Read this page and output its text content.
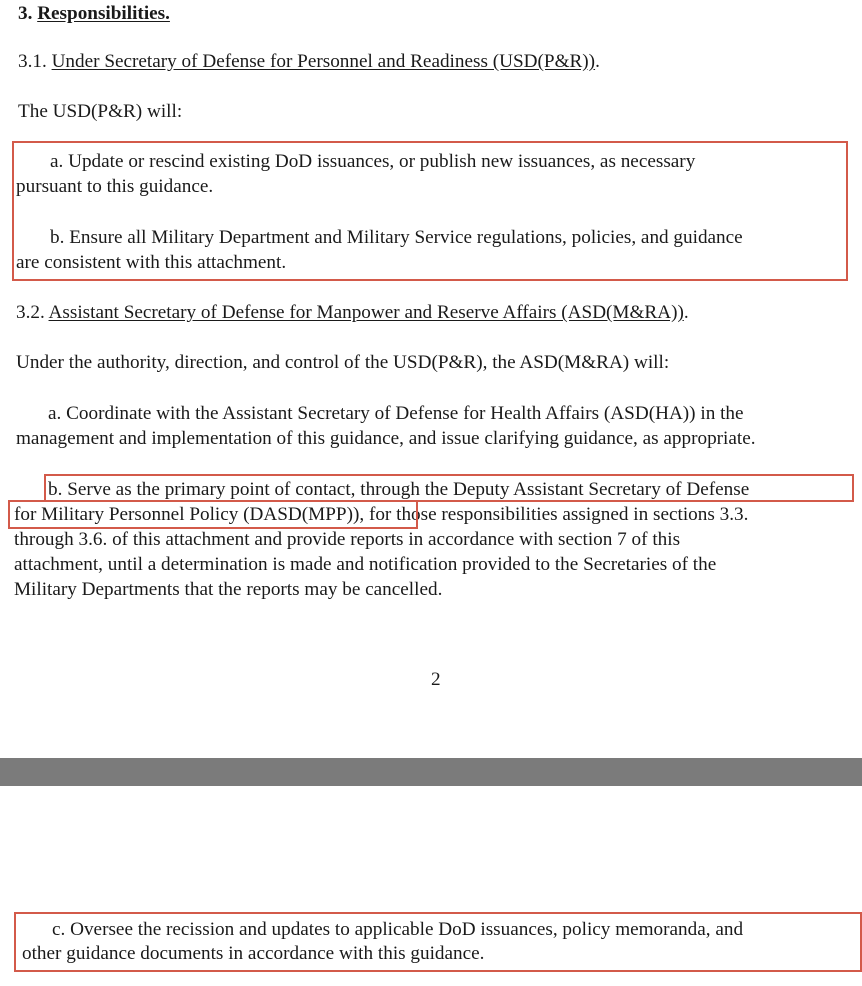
3. Responsibilities.
3.1. Under Secretary of Defense for Personnel and Readiness (USD(P&R)).
The USD(P&R) will:
a. Update or rescind existing DoD issuances, or publish new issuances, as necessary
pursuant to this guidance.
b. Ensure all Military Department and Military Service regulations, policies, and guidance
are consistent with this attachment.
3.2. Assistant Secretary of Defense for Manpower and Reserve Affairs (ASD(M&RA)).
Under the authority, direction, and control of the USD(P&R), the ASD(M&RA) will:
a. Coordinate with the Assistant Secretary of Defense for Health Affairs (ASD(HA)) in the
management and implementation of this guidance, and issue clarifying guidance, as appropriate.
b. Serve as the primary point of contact, through the Deputy Assistant Secretary of Defense
for Military Personnel Policy (DASD(MPP)), for those responsibilities assigned in sections 3.3.
through 3.6. of this attachment and provide reports in accordance with section 7 of this
attachment, until a determination is made and notification provided to the Secretaries of the
Military Departments that the reports may be cancelled.
2
c. Oversee the recission and updates to applicable DoD issuances, policy memoranda, and
other guidance documents in accordance with this guidance.
